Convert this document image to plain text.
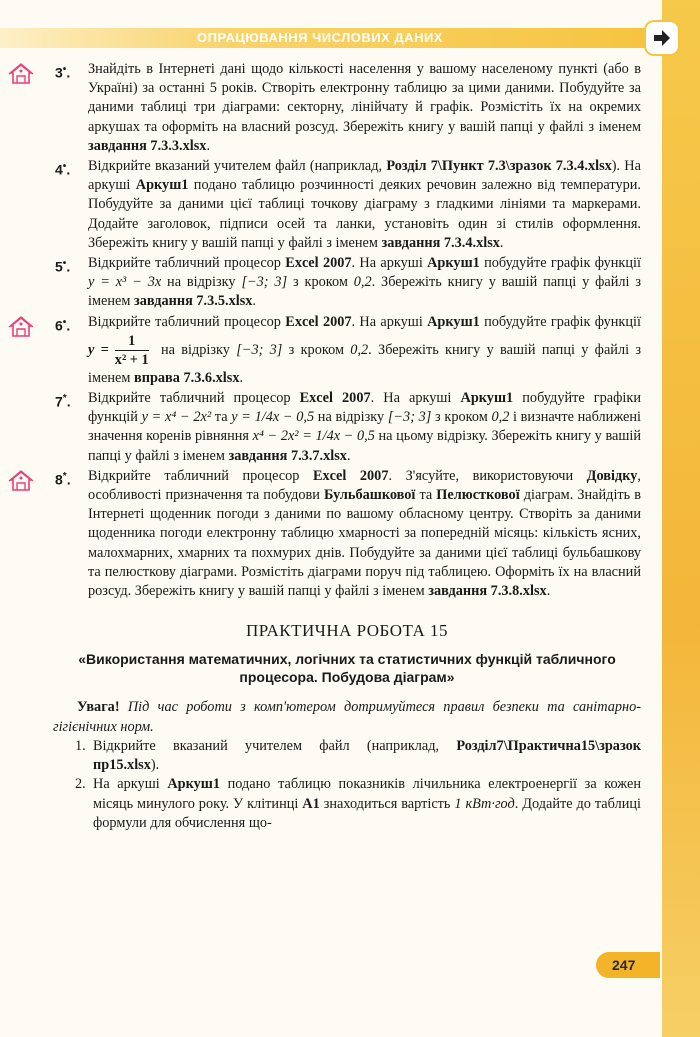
ОПРАЦЮВАННЯ ЧИСЛОВИХ ДАНИХ
3•. Знайдіть в Інтернеті дані щодо кількості населення у вашому населеному пункті (або в Україні) за останні 5 років. Створіть електронну таблицю за цими даними. Побудуйте за даними таблиці три діаграми: секторну, лінійчату й графік. Розмістіть їх на окремих аркушах та оформіть на власний розсуд. Збережіть книгу у вашій папці у файлі з іменем завдання 7.3.3.xlsx.
4•. Відкрийте вказаний учителем файл (наприклад, Розділ 7\Пункт 7.3\зразок 7.3.4.xlsx). На аркуші Аркуш1 подано таблицю розчинності деяких речовин залежно від температури. Побудуйте за даними цієї таблиці точкову діаграму з гладкими лініями та маркерами. Додайте заголовок, підписи осей та ланки, установіть один зі стилів оформлення. Збережіть книгу у вашій папці у файлі з іменем завдання 7.3.4.xlsx.
5•. Відкрийте табличний процесор Excel 2007. На аркуші Аркуш1 побудуйте графік функції y = x³ − 3x на відрізку [−3; 3] з кроком 0,2. Збережіть книгу у вашій папці у файлі з іменем завдання 7.3.5.xlsx.
6•. Відкрийте табличний процесор Excel 2007. На аркуші Аркуш1 побудуйте графік функції $y = \frac{1}{\text{x² + 1}}$ на відрізку [−3; 3] з кроком 0,2. Збережіть книгу у вашій папці у файлі з іменем вправа 7.3.6.xlsx.
7*. Відкрийте табличний процесор Excel 2007. На аркуші Аркуш1 побудуйте графіки функцій y = x⁴ − 2x² та y = 1/4x − 0,5 на відрізку [−3; 3] з кроком 0,2 і визначте наближені значення коренів рівняння x⁴ − 2x² = 1/4x − 0,5 на цьому відрізку. Збережіть книгу у вашій папці у файлі з іменем завдання 7.3.7.xlsx.
8*. Відкрийте табличний процесор Excel 2007. З'ясуйте, використовуючи Довідку, особливості призначення та побудови Бульбашкової та Пелюсткової діаграм. Знайдіть в Інтернеті щоденник погоди з даними по вашому обласному центру. Створіть за даними щоденника погоди електронну таблицю хмарності за попередній місяць: кількість ясних, малохмарних, хмарних та похмурих днів. Побудуйте за даними цієї таблиці бульбашкову та пелюсткову діаграми. Розмістіть діаграми поруч під таблицею. Оформіть їх на власний розсуд. Збережіть книгу у вашій папці у файлі з іменем завдання 7.3.8.xlsx.
ПРАКТИЧНА РОБОТА 15
«Використання математичних, логічних та статистичних функцій табличного процесора. Побудова діаграм»
Увага! Під час роботи з комп'ютером дотримуйтеся правил безпеки та санітарно-гігієнічних норм.
1. Відкрийте вказаний учителем файл (наприклад, Розділ7\Практична15\зразок пр15.xlsx).
2. На аркуші Аркуш1 подано таблицю показників лічильника електроенергії за кожен місяць минулого року. У клітинці A1 знаходиться вартість 1 кВт·год. Додайте до таблиці формули для обчислення що-
247
